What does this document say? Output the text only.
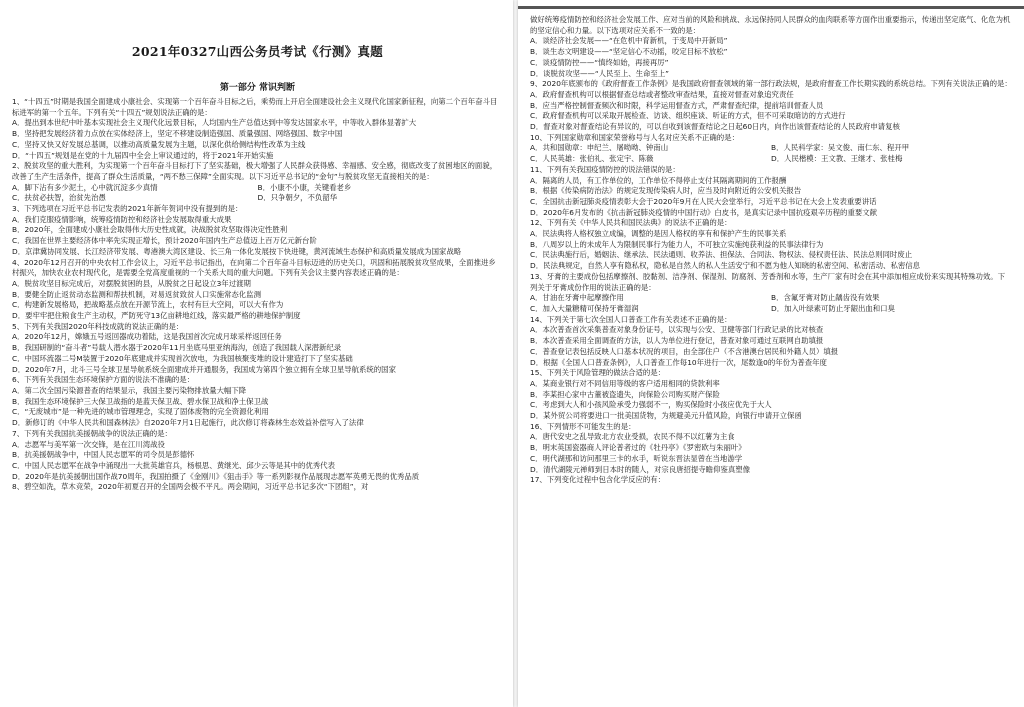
2021年0327山西公务员考试《行测》真题
第一部分 常识判断

1、“十四五”时期是我国全面建成小康社会、实现第一个百年奋斗目标之后，乘势而上开启全面建设社会主义现代化国家新征程，向第二个百年奋斗目标进军的第一个五年。下列有关“十四五”规划说法正确的是：

A．提出到本世纪中叶基本实现社会主义现代化远景目标，人均国内生产总值达到中等发达国家水平，中等收入群体显著扩大

B．坚持把发展经济着力点放在实体经济上，坚定不移建设制造强国、质量强国、网络强国、数字中国

C．坚持又快又好发展总基调，以推动高质量发展为主题，以深化供给侧结构性改革为主线

D．“十四五”规划是在党的十九届四中全会上审议通过的，将于2021年开始实施

2、脱贫攻坚的重大胜利，为实现第一个百年奋斗目标打下了坚实基础，极大增强了人民群众获得感、幸福感、安全感，彻底改变了贫困地区的面貌，改善了生产生活条件，提高了群众生活质量，“两不愁三保障”全面实现。以下习近平总书记的“金句”与脱贫攻坚无直接相关的是：

A．脚下沾有多少泥土，心中就沉淀多少真情	B．小康不小康，关键看老乡
C．扶贫必扶智，治贫先治愚	D．只争朝夕，不负韶华

3、下列选项在习近平总书记发表的2021年新年贺词中没有提到的是：

A．我们克服疫情影响，统筹疫情防控和经济社会发展取得重大成果

B．2020年，全面建成小康社会取得伟大历史性成就，决战脱贫攻坚取得决定性胜利

C．我国在世界主要经济体中率先实现正增长，预计2020年国内生产总值迈上百万亿元新台阶

D．京津冀协同发展、长江经济带发展、粤港澳大湾区建设、长三角一体化发展按下快进键，黄河流域生态保护和高质量发展成为国家战略

4、2020年12月召开的中央农村工作会议上，习近平总书记指出，在向第二个百年奋斗目标迈进的历史关口，巩固和拓展脱贫攻坚成果，全面推进乡村振兴，加快农业农村现代化，是需要全党高度重视的一个关系大局的重大问题。下列有关会议主要内容表述正确的是：

A．脱贫攻坚目标完成后，对摆脱贫困的县，从脱贫之日起设立3年过渡期

B．要健全防止返贫动态监测和帮扶机制，对易返贫致贫人口实施常态化监测

C．构建新发展格局，把战略基点放在开源节流上，农村有巨大空间，可以大有作为

D．要牢牢把住粮食生产主动权，严防死守13亿亩耕地红线，落实最严格的耕地保护制度

5、下列有关我国2020年科技成就的说法正确的是：

A．2020年12月，嫦娥五号返回器成功着陆，这是我国首次完成月球采样返回任务

B．我国研制的“奋斗者”号载人潜水器于2020年11月坐底马里亚纳海沟，创造了我国载人深潜新纪录

C．中国环流器二号M装置于2020年底建成并实现首次放电，为我国核聚变堆的设计建造打下了坚实基础

D．2020年7月，北斗三号全球卫星导航系统全面建成并开通服务，我国成为第四个独立拥有全球卫星导航系统的国家

6、下列有关我国生态环境保护方面的说法不准确的是：

A．第二次全国污染源普查的结果显示，我国主要污染物排放量大幅下降

B．我国生态环境保护三大保卫战指的是蓝天保卫战、碧水保卫战和净土保卫战

C．“无废城市”是一种先进的城市管理理念，实现了固体废物的完全资源化利用

D．新修订的《中华人民共和国森林法》自2020年7月1日起施行，此次修订将森林生态效益补偿写入了法律

7、下列有关我国抗美援朝战争的说法正确的是：

A．志愿军与美军第一次交锋，是在江川湾战役

B．抗美援朝战争中，中国人民志愿军的司令员是彭德怀

C．中国人民志愿军在战争中涌现出一大批英雄官兵，杨根思、黄继光、邱少云等是其中的优秀代表

D．2020年是抗美援朝出国作战70周年，我国拍摄了《金刚川》《狙击手》等一系列影视作品展现志愿军英勇无畏的优秀品质

8、碧空如洗，草木竞荣，2020年初夏召开的全国两会极不平凡。两会期间，习近平总书记多次“下团组”，对

做好统筹疫情防控和经济社会发展工作、应对当前的风险和挑战、永远保持同人民群众的血肉联系等方面作出重要指示，传递出坚定底气、化危为机的坚定信心和力量。以下选项对应关系不一致的是：

A．谈经济社会发展——“在危机中育新机，于变局中开新局”

B．谈生态文明建设——“坚定信心不动摇，咬定目标不放松”

C．谈疫情防控——“慎终如始，再接再厉”

D．谈脱贫攻坚——“人民至上、生命至上”

9、2020年底颁布的《政府督查工作条例》是我国政府督查领域的第一部行政法规，是政府督查工作长期实践的系统总结。下列有关说法正确的是：

A．政府督查机构可以根据督查总结或者整改审查结果，直接对督查对象追究责任

B．应当严格控制督查频次和时限，科学运用督查方式，严肃督查纪律，提前培训督查人员

C．政府督查机构可以采取开展检查、访谈、组织座谈、听证的方式，但不可采取暗访的方式进行

D．督查对象对督查结论有异议的，可以自收到该督查结论之日起60日内，向作出该督查结论的人民政府申请复核

10、下列国家勋章和国家荣誉称号与人名对应关系不正确的是：

A．共和国勋章：申纪兰、屠呦呦、钟南山	B．人民科学家：吴文俊、南仁东、程开甲
C．人民英雄：张伯礼、张定宇、陈薇	D．人民楷模：王文教、王继才、张桂梅

11、下列有关我国疫情防控的说法错误的是：

A．隔离的人员，有工作单位的，工作单位不得停止支付其隔离期间的工作报酬

B．根据《传染病防治法》的规定发现传染病人时，应当及时向附近的公安机关报告

C．全国抗击新冠肺炎疫情表彰大会于2020年9月在人民大会堂举行，习近平总书记在大会上发表重要讲话

D．2020年6月发布的《抗击新冠肺炎疫情的中国行动》白皮书，是真实记录中国抗疫艰辛历程的重要文献

12、下列有关《中华人民共和国民法典》的说法不正确的是：

A．民法典将人格权独立成编，调整的是因人格权的享有和保护产生的民事关系

B．八周岁以上的未成年人为限制民事行为能力人，不可独立实施纯获利益的民事法律行为

C．民法典施行后，婚姻法、继承法、民法通则、收养法、担保法、合同法、物权法、侵权责任法、民法总则同时废止

D．民法典规定，自然人享有隐私权，隐私是自然人的私人生活安宁和不愿为他人知晓的私密空间、私密活动、私密信息

13、牙膏的主要成份包括摩擦剂、胶黏剂、洁净剂、保湿剂、防腐剂、芳香剂和水等，生产厂家有时会在其中添加相应成份来实现其特殊功效。下列关于牙膏成份作用的说法正确的是：

A．甘油在牙膏中起摩擦作用	B．含氟牙膏对防止龋齿没有效果
C．加入大量糖精可保持牙膏湿润	D．加入叶绿素可防止牙龈出血和口臭

14、下列关于第七次全国人口普查工作有关表述不正确的是：

A．本次普查首次采集普查对象身份证号，以实现与公安、卫健等部门行政记录的比对核查

B．本次普查采用全面调查的方法，以人为单位进行登记，普查对象可通过互联网自助填报

C．普查登记表包括反映人口基本状况的项目，由全部住户（不含港澳台居民和外籍人员）填报

D．根据《全国人口普查条例》，人口普查工作每10年进行一次，尾数逢0的年份为普查年度

15、下列关于风险管理的做法合适的是：

A．某商业银行对不同信用等级的客户适用相同的贷款利率

B．李某担心家中古董被盗遗失，向保险公司购买财产保险

C．考虑到大人和小孩风险承受力强弱不一，购买保险时小孩应优先于大人

D．某外贸公司将要进口一批美国货物，为规避美元升值风险，向银行申请开立保函

16、下列情形不可能发生的是：

A．唐代安史之乱导致北方农业受损，农民不得不以红薯为主食

B．明末英国瓷器商人评论普者过的《牡丹亭》《罗密欧与朱丽叶》

C．明代湖那和访问那里三卡的水手，听说东晋法显曾在当地游学

D．清代湖陵元禅师到日本时的随人，对宗良唐招提寺瞻仰鉴真塑像

17、下列变化过程中包含化学反应的有：
